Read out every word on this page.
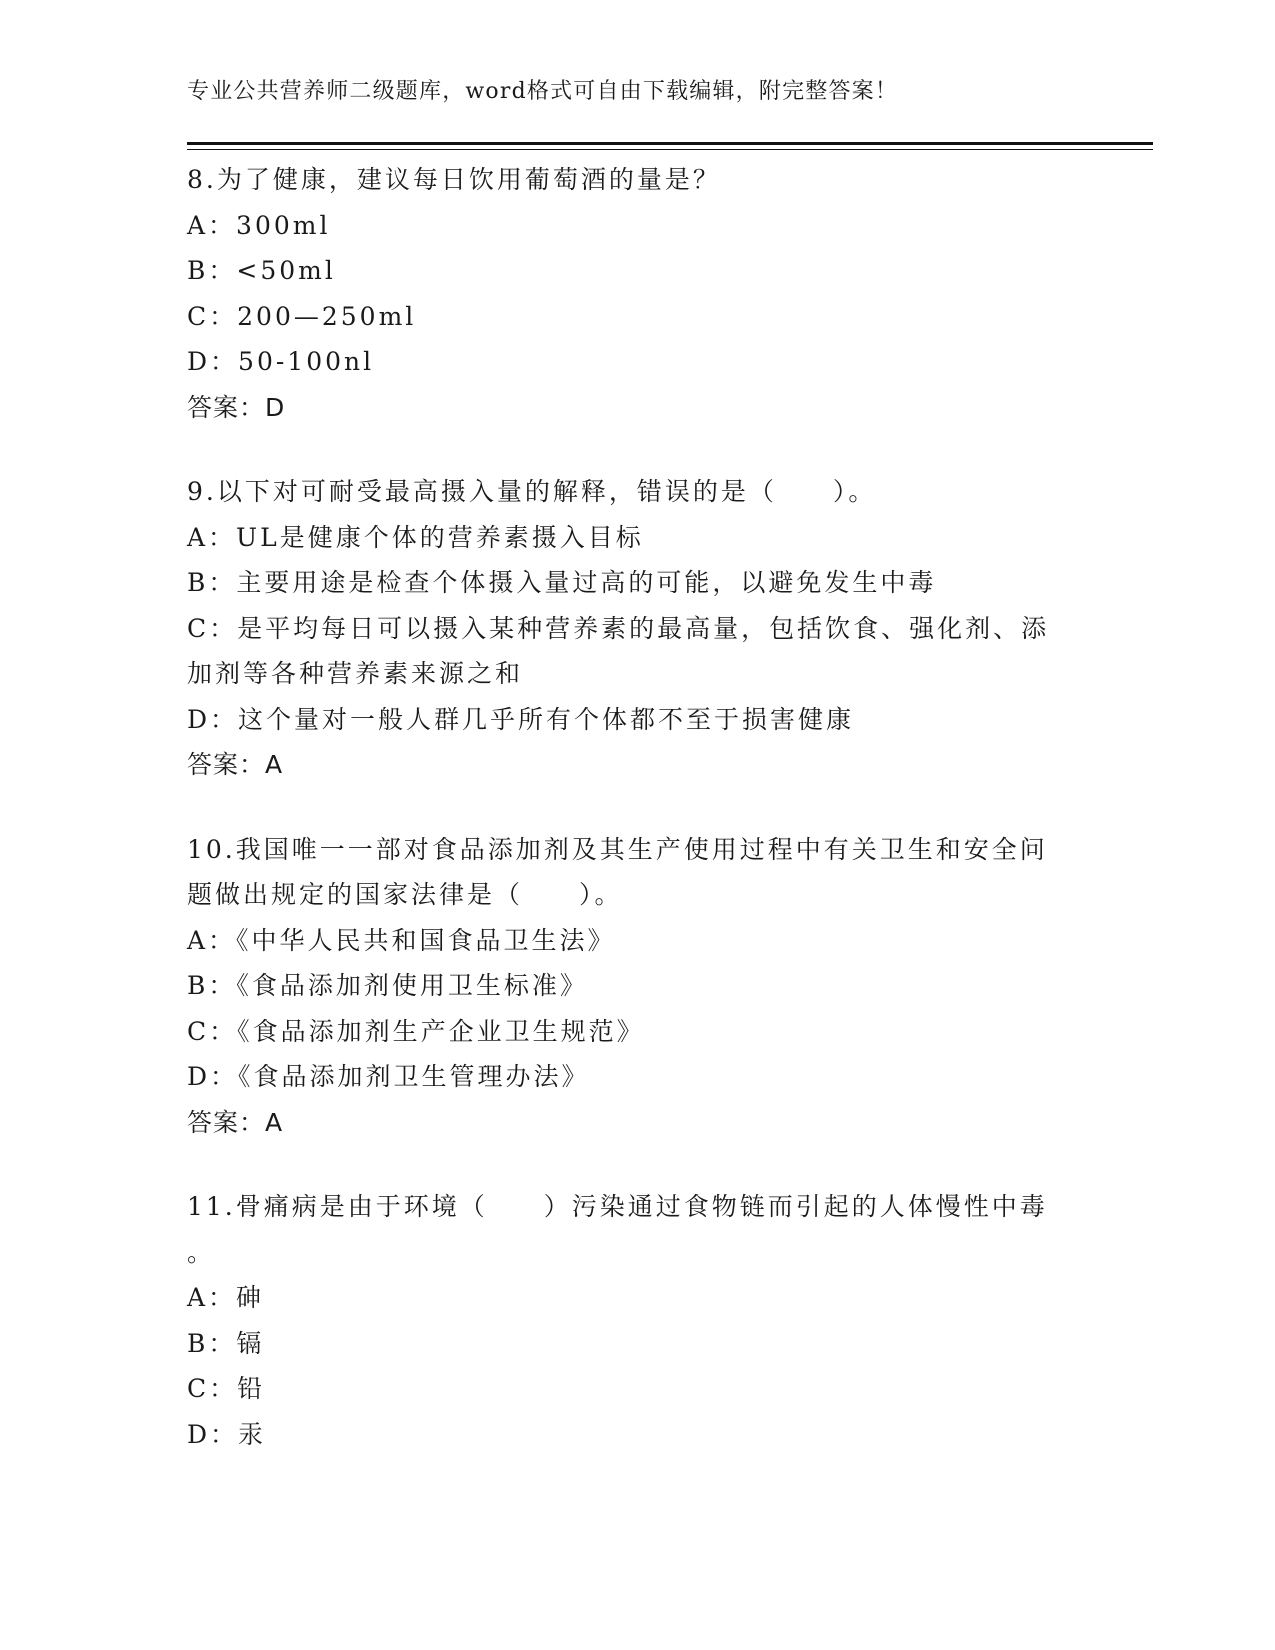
专业公共营养师二级题库，word格式可自由下载编辑，附完整答案！
8.为了健康，建议每日饮用葡萄酒的量是？
A：300ml
B：<50ml
C：200—250ml
D：50-100nl
答案：D
9.以下对可耐受最高摄入量的解释，错误的是（　　）。
A：UL是健康个体的营养素摄入目标
B：主要用途是检查个体摄入量过高的可能，以避免发生中毒
C：是平均每日可以摄入某种营养素的最高量，包括饮食、强化剂、添
加剂等各种营养素来源之和
D：这个量对一般人群几乎所有个体都不至于损害健康
答案：A
10.我国唯一一部对食品添加剂及其生产使用过程中有关卫生和安全问
题做出规定的国家法律是（　　）。
A：《中华人民共和国食品卫生法》
B：《食品添加剂使用卫生标准》
C：《食品添加剂生产企业卫生规范》
D：《食品添加剂卫生管理办法》
答案：A
11.骨痛病是由于环境（　　）污染通过食物链而引起的人体慢性中毒
。
A：砷
B：镉
C：铅
D：汞
